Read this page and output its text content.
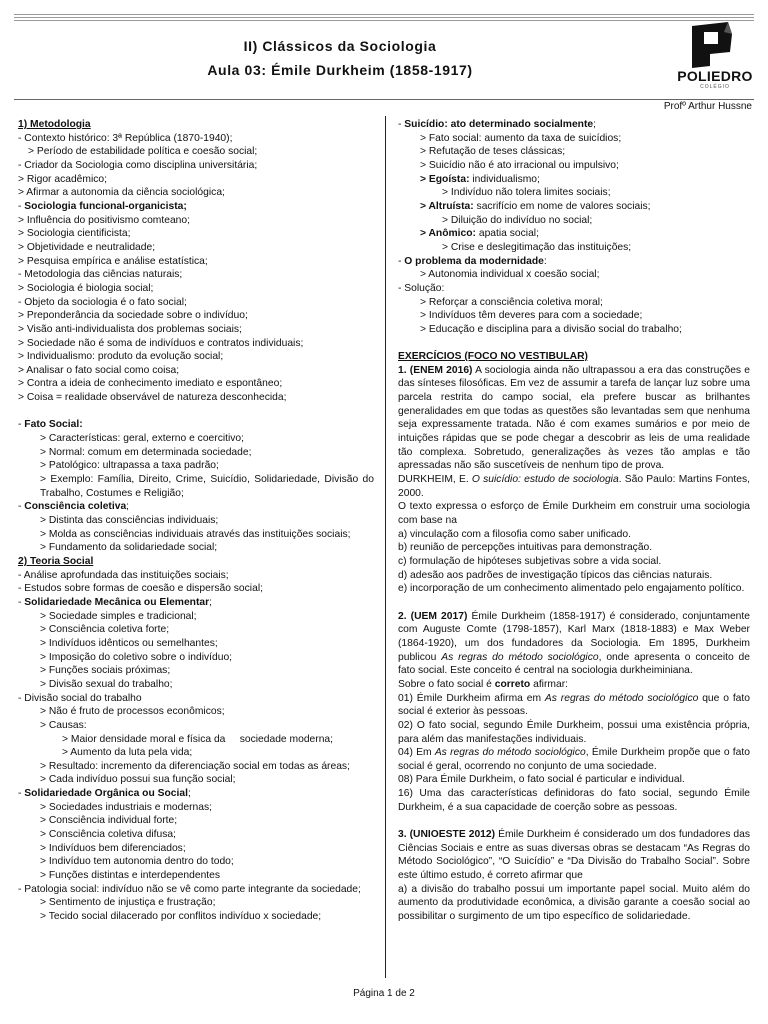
II) Clássicos da Sociologia
Aula 03: Émile Durkheim (1858-1917)	POLIEDRO
COLÉGIO
Profº Arthur Hussne
1) Metodologia
- Contexto histórico: 3ª República (1870-1940);
> Período de estabilidade política e coesão social;
- Criador da Sociologia como disciplina universitária;
> Rigor acadêmico;
> Afirmar a autonomia da ciência sociológica;
- Sociologia funcional-organicista;
> Influência do positivismo comteano;
> Sociologia cientificista;
> Objetividade e neutralidade;
> Pesquisa empírica e análise estatística;
- Metodologia das ciências naturais;
> Sociologia é biologia social;
- Objeto da sociologia é o fato social;
> Preponderância da sociedade sobre o indivíduo;
> Visão anti-individualista dos problemas sociais;
> Sociedade não é soma de indivíduos e contratos individuais;
> Individualismo: produto da evolução social;
> Analisar o fato social como coisa;
> Contra a ideia de conhecimento imediato e espontâneo;
> Coisa = realidade observável de natureza desconhecida;
- Fato Social:
> Características: geral, externo e coercitivo;
> Normal: comum em determinada sociedade;
> Patológico: ultrapassa a taxa padrão;
> Exemplo: Família, Direito, Crime, Suicídio, Solidariedade, Divisão do Trabalho, Costumes e Religião;
- Consciência coletiva;
> Distinta das consciências individuais;
> Molda as consciências individuais através das instituições sociais;
> Fundamento da solidariedade social;
2) Teoria Social
- Análise aprofundada das instituições sociais;
- Estudos sobre formas de coesão e dispersão social;
- Solidariedade Mecânica ou Elementar;
> Sociedade simples e tradicional;
> Consciência coletiva forte;
> Indivíduos idênticos ou semelhantes;
> Imposição do coletivo sobre o indivíduo;
> Funções sociais próximas;
> Divisão sexual do trabalho;
- Divisão social do trabalho
> Não é fruto de processos econômicos;
> Causas:
> Maior densidade moral e física da     sociedade moderna;
> Aumento da luta pela vida;
> Resultado: incremento da diferenciação social em todas as áreas;
> Cada indivíduo possui sua função social;
- Solidariedade Orgânica ou Social;
> Sociedades industriais e modernas;
> Consciência individual forte;
> Consciência coletiva difusa;
> Indivíduos bem diferenciados;
> Indivíduo tem autonomia dentro do todo;
> Funções distintas e interdependentes
- Patologia social: indivíduo não se vê como parte integrante da sociedade;
> Sentimento de injustiça e frustração;
> Tecido social dilacerado por conflitos indivíduo x sociedade;
- Suicídio: ato determinado socialmente;
> Fato social: aumento da taxa de suicídios;
> Refutação de teses clássicas;
> Suicídio não é ato irracional ou impulsivo;
> Egoísta: individualismo;
> Indivíduo não tolera limites sociais;
> Altruísta: sacrifício em nome de valores sociais;
> Diluição do indivíduo no social;
> Anômico: apatia social;
> Crise e deslegitimação das instituições;
- O problema da modernidade:
> Autonomia individual x coesão social;
- Solução:
> Reforçar a consciência coletiva moral;
> Indivíduos têm deveres para com a sociedade;
> Educação e disciplina para a divisão social do trabalho;
EXERCÍCIOS (FOCO NO VESTIBULAR)
1. (ENEM 2016) A sociologia ainda não ultrapassou a era das construções e das sínteses filosóficas. Em vez de assumir a tarefa de lançar luz sobre uma parcela restrita do campo social, ela prefere buscar as brilhantes generalidades em que todas as questões são levantadas sem que nenhuma seja expressamente tratada. Não é com exames sumários e por meio de intuições rápidas que se pode chegar a descobrir as leis de uma realidade tão complexa. Sobretudo, generalizações às vezes tão amplas e tão apressadas não são suscetíveis de nenhum tipo de prova.
DURKHEIM, E. O suicídio: estudo de sociologia. São Paulo: Martins Fontes, 2000.
O texto expressa o esforço de Émile Durkheim em construir uma sociologia com base na
a) vinculação com a filosofia como saber unificado.
b) reunião de percepções intuitivas para demonstração.
c) formulação de hipóteses subjetivas sobre a vida social.
d) adesão aos padrões de investigação típicos das ciências naturais.
e) incorporação de um conhecimento alimentado pelo engajamento político.
2. (UEM 2017) Émile Durkheim (1858-1917) é considerado, conjuntamente com Auguste Comte (1798-1857), Karl Marx (1818-1883) e Max Weber (1864-1920), um dos fundadores da Sociologia. Em 1895, Durkheim publicou As regras do método sociológico, onde apresenta o conceito de fato social. Este conceito é central na sociologia durkheiminiana.
Sobre o fato social é correto afirmar:
01) Émile Durkheim afirma em As regras do método sociológico que o fato social é exterior às pessoas.
02) O fato social, segundo Émile Durkheim, possui uma existência própria, para além das manifestações individuais.
04) Em As regras do método sociológico, Émile Durkheim propõe que o fato social é geral, ocorrendo no conjunto de uma sociedade.
08) Para Émile Durkheim, o fato social é particular e individual.
16) Uma das características definidoras do fato social, segundo Émile Durkheim, é a sua capacidade de coerção sobre as pessoas.
3. (UNIOESTE 2012) Émile Durkheim é considerado um dos fundadores das Ciências Sociais e entre as suas diversas obras se destacam “As Regras do Método Sociológico”, “O Suicídio” e “Da Divisão do Trabalho Social”. Sobre este último estudo, é correto afirmar que
a) a divisão do trabalho possui um importante papel social. Muito além do aumento da produtividade econômica, a divisão garante a coesão social ao possibilitar o surgimento de um tipo específico de solidariedade.
Página 1 de 2
